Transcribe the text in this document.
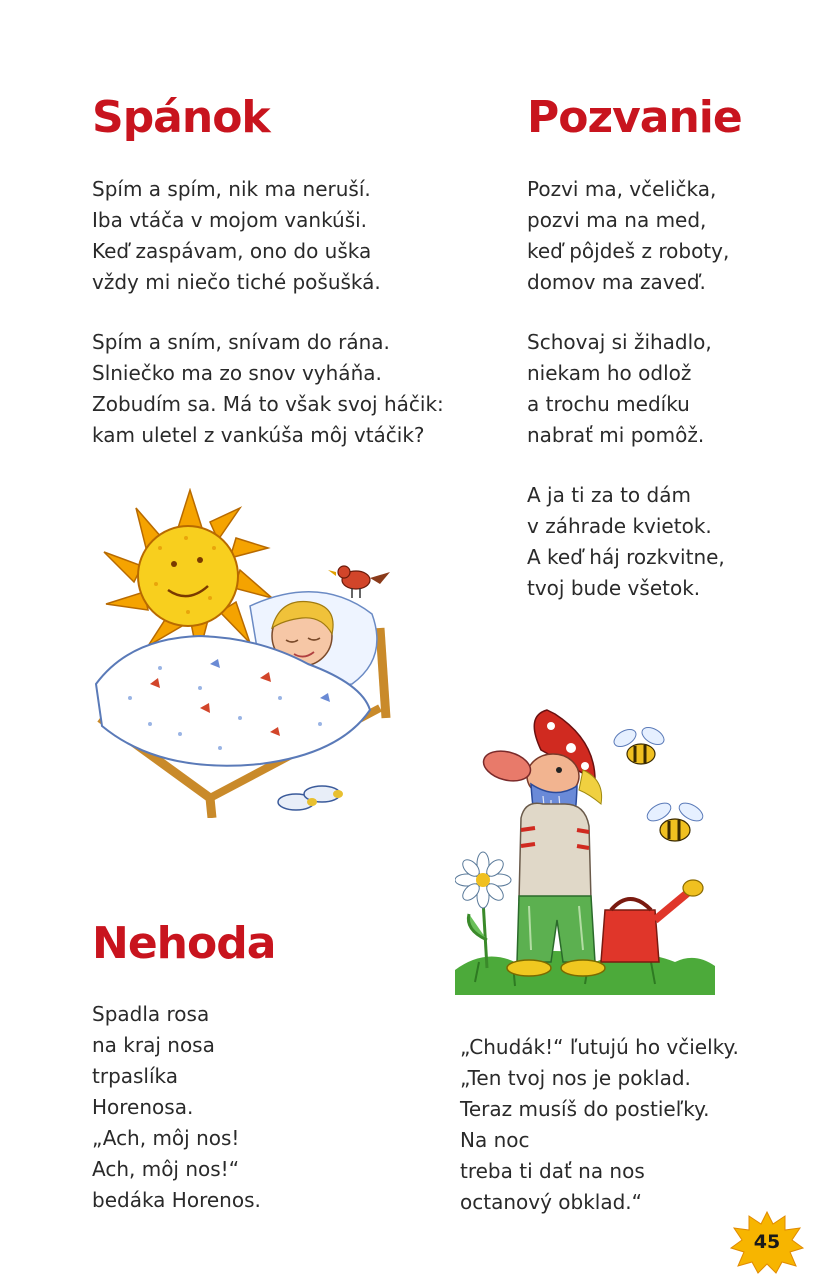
Spánok

Spím a spím, nik ma neruší.
Iba vtáča v mojom vankúši.
Keď zaspávam, ono do uška
vždy mi niečo tiché pošušká.

Spím a sním, snívam do rána.
Slniečko ma zo snov vyháňa.
Zobudím sa. Má to však svoj háčik:
kam uletel z vankúša môj vtáčik?

Pozvanie

Pozvi ma, včelička,
pozvi ma na med,
keď pôjdeš z roboty,
domov ma zaveď.

Schovaj si žihadlo,
niekam ho odlož
a trochu medíku
nabrať mi pomôž.

A ja ti za to dám
v záhrade kvietok.
A keď háj rozkvitne,
tvoj bude všetok.

Nehoda

Spadla rosa
na kraj nosa
trpaslíka
Horenosa.
„Ach, môj nos!
Ach, môj nos!“
bedáka Horenos.

„Chudák!“ ľutujú ho včielky.
„Ten tvoj nos je poklad.
Teraz musíš do postieľky.
Na noc
treba ti dať na nos
octanový obklad.“

45
